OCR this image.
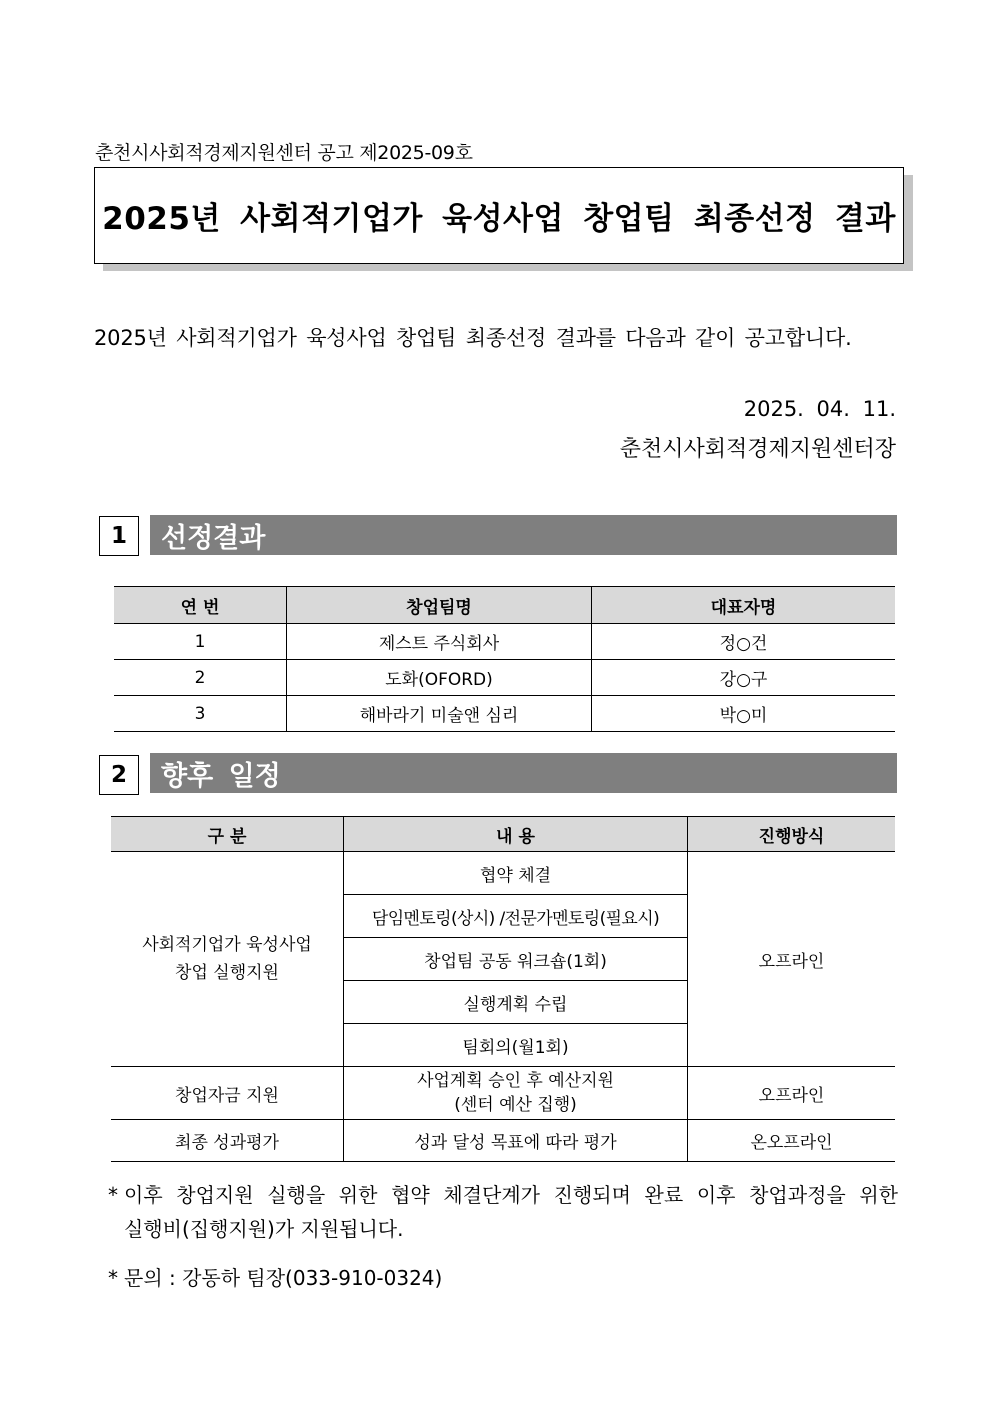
춘천시사회적경제지원센터 공고 제2025-09호
2025년 사회적기업가 육성사업 창업팀 최종선정 결과
2025년 사회적기업가 육성사업 창업팀 최종선정 결과를 다음과 같이 공고합니다.
2025. 04. 11.
춘천시사회적경제지원센터장
1	선정결과
연 번	창업팀명	대표자명
1	제스트 주식회사	정○건
2	도화(OFORD)	강○구
3	해바라기 미술앤 심리	박○미
2	향후 일정
구 분	내 용	진행방식

사회적기업가 육성사업
창업 실행지원	협약 체결	오프라인
	담임멘토링(상시) /전문가멘토링(필요시)	
	창업팀 공동 워크숍(1회)	
	실행계획 수립	
	팀회의(월1회)	
창업자금 지원	사업계획 승인 후 예산지원
(센터 예산 집행)	오프라인
최종 성과평가	성과 달성 목표에 따라 평가	온오프라인
* 이후 창업지원 실행을 위한 협약 체결단계가 진행되며 완료 이후 창업과정을 위한
실행비(집행지원)가 지원됩니다.
* 문의 : 강동하 팀장(033-910-0324)
